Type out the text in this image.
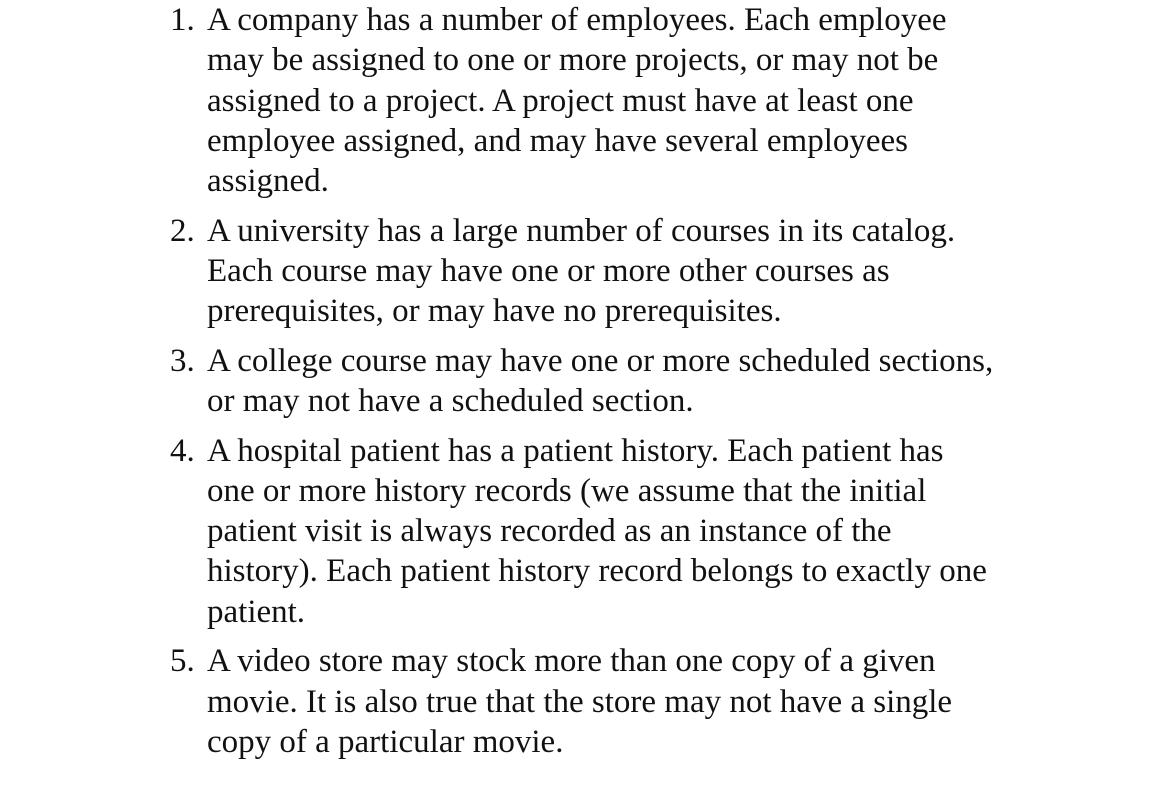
1. A company has a number of employees. Each employee
may be assigned to one or more projects, or may not be
assigned to a project. A project must have at least one
employee assigned, and may have several employees
assigned.
2. A university has a large number of courses in its catalog.
Each course may have one or more other courses as
prerequisites, or may have no prerequisites.
3. A college course may have one or more scheduled sections,
or may not have a scheduled section.
4. A hospital patient has a patient history. Each patient has
one or more history records (we assume that the initial
patient visit is always recorded as an instance of the
history). Each patient history record belongs to exactly one
patient.
5. A video store may stock more than one copy of a given
movie. It is also true that the store may not have a single
copy of a particular movie.
